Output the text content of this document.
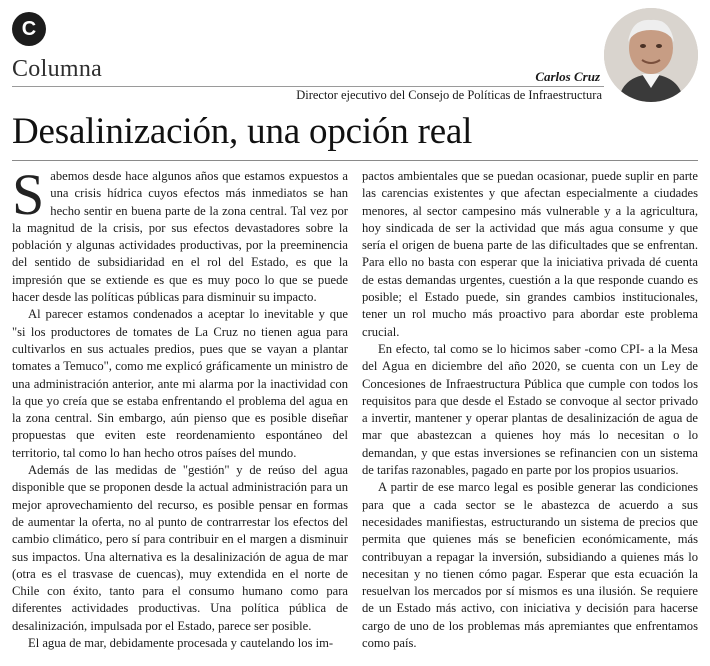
C
Columna	Carlos Cruz
Director ejecutivo del Consejo de Políticas de Infraestructura
Desalinización, una opción real

Sabemos desde hace algunos años que estamos expuestos a una crisis hídrica cuyos efectos más inmediatos se han hecho sentir en buena parte de la zona central. Tal vez por la magnitud de la crisis, por sus efectos devastadores sobre la población y algunas actividades productivas, por la preeminencia del sentido de subsidiaridad en el rol del Estado, es que la impresión que se extiende es que es muy poco lo que se puede hacer desde las políticas públicas para disminuir su impacto.

Al parecer estamos condenados a aceptar lo inevitable y que "si los productores de tomates de La Cruz no tienen agua para cultivarlos en sus actuales predios, pues que se vayan a plantar tomates a Temuco", como me explicó gráficamente un ministro de una administración anterior, ante mi alarma por la inactividad con la que yo creía que se estaba enfrentando el problema del agua en la zona central. Sin embargo, aún pienso que es posible diseñar propuestas que eviten este reordenamiento espontáneo del territorio, tal como lo han hecho otros países del mundo.

Además de las medidas de "gestión" y de reúso del agua disponible que se proponen desde la actual administración para un mejor aprovechamiento del recurso, es posible pensar en formas de aumentar la oferta, no al punto de contrarrestar los efectos del cambio climático, pero sí para contribuir en el margen a disminuir sus impactos. Una alternativa es la desalinización de agua de mar (otra es el trasvase de cuencas), muy extendida en el norte de Chile con éxito, tanto para el consumo humano como para diferentes actividades productivas. Una política pública de desalinización, impulsada por el Estado, parece ser posible.

El agua de mar, debidamente procesada y cautelando los im-

pactos ambientales que se puedan ocasionar, puede suplir en parte las carencias existentes y que afectan especialmente a ciudades menores, al sector campesino más vulnerable y a la agricultura, hoy sindicada de ser la actividad que más agua consume y que sería el origen de buena parte de las dificultades que se enfrentan. Para ello no basta con esperar que la iniciativa privada dé cuenta de estas demandas urgentes, cuestión a la que responde cuando es posible; el Estado puede, sin grandes cambios institucionales, tener un rol mucho más proactivo para abordar este problema crucial.

En efecto, tal como se lo hicimos saber -como CPI- a la Mesa del Agua en diciembre del año 2020, se cuenta con un Ley de Concesiones de Infraestructura Pública que cumple con todos los requisitos para que desde el Estado se convoque al sector privado a invertir, mantener y operar plantas de desalinización de agua de mar que abastezcan a quienes hoy más lo necesitan o lo demandan, y que estas inversiones se refinancien con un sistema de tarifas razonables, pagado en parte por los propios usuarios.

A partir de ese marco legal es posible generar las condiciones para que a cada sector se le abastezca de acuerdo a sus necesidades manifiestas, estructurando un sistema de precios que permita que quienes más se beneficien económicamente, más contribuyan a repagar la inversión, subsidiando a quienes más lo necesitan y no tienen cómo pagar. Esperar que esta ecuación la resuelvan los mercados por sí mismos es una ilusión. Se requiere de un Estado más activo, con iniciativa y decisión para hacerse cargo de uno de los problemas más apremiantes que enfrentamos como país.
